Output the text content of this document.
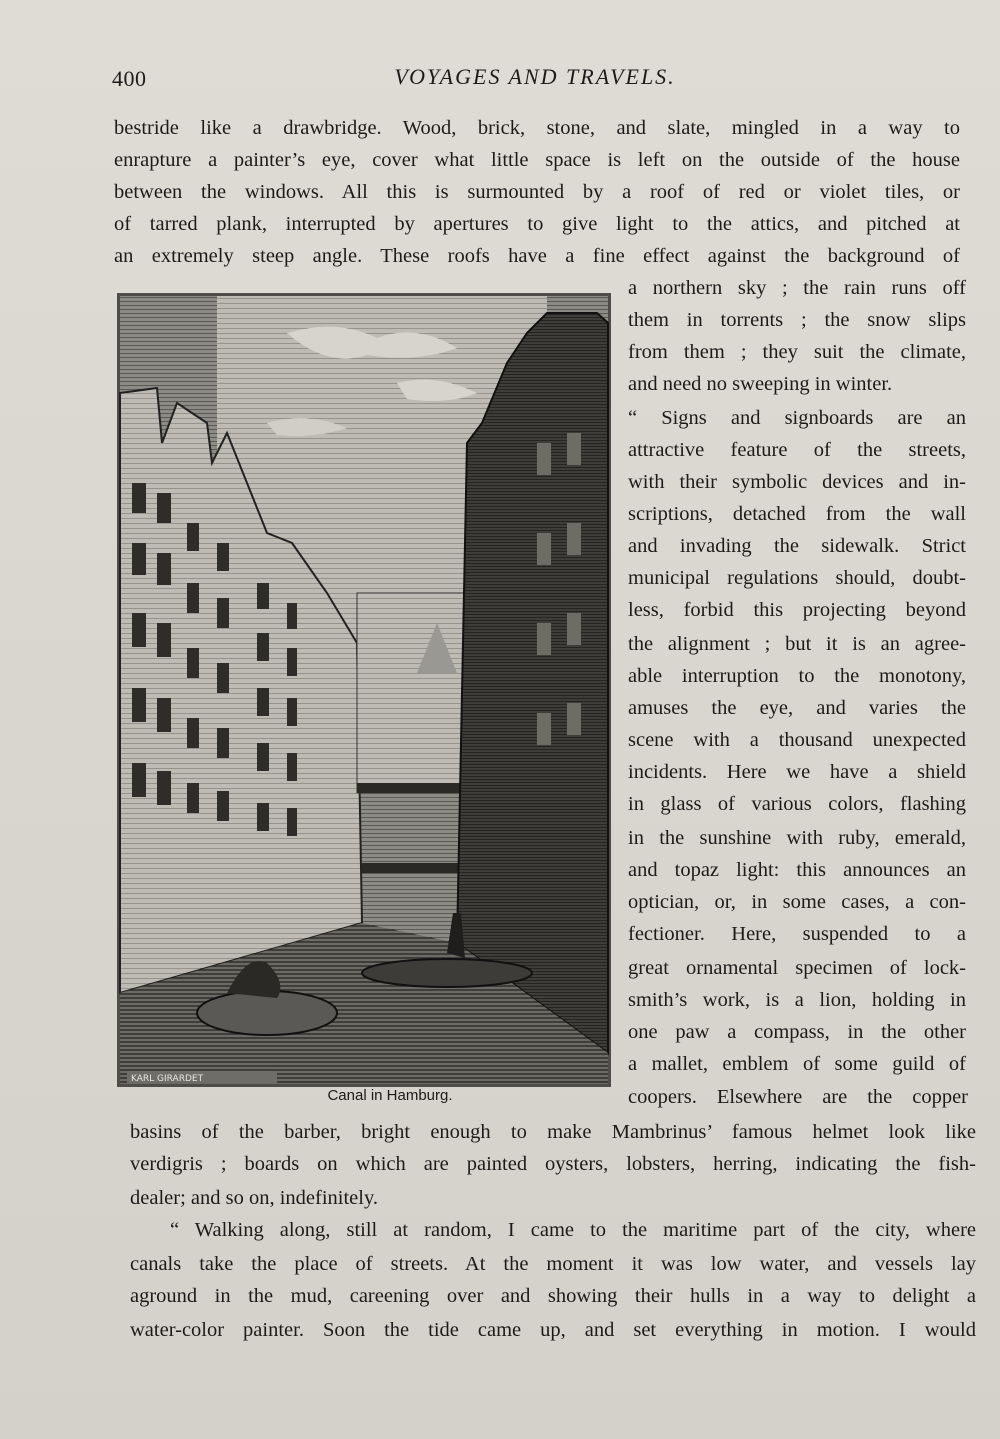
400	VOYAGES AND TRAVELS.
bestride like a drawbridge. Wood, brick, stone, and slate, mingled in a way to
enrapture a painter’s eye, cover what little space is left on the outside of the house
between the windows. All this is surmounted by a roof of red or violet tiles, or
of tarred plank, interrupted by apertures to give light to the attics, and pitched at
an extremely steep angle. These roofs have a fine effect against the background of
KARL GIRARDET
Canal in Hamburg.
a northern sky ; the rain runs off
them in torrents ; the snow slips
from them ; they suit the climate,
and need no sweeping in winter.
“ Signs and signboards are an
attractive feature of the streets,
with their symbolic devices and in-
scriptions, detached from the wall
and invading the sidewalk. Strict
municipal regulations should, doubt-
less, forbid this projecting beyond
the alignment ; but it is an agree-
able interruption to the monotony,
amuses the eye, and varies the
scene with a thousand unexpected
incidents. Here we have a shield
in glass of various colors, flashing
in the sunshine with ruby, emerald,
and topaz light: this announces an
optician, or, in some cases, a con-
fectioner. Here, suspended to a
great ornamental specimen of lock-
smith’s work, is a lion, holding in
one paw a compass, in the other
a mallet, emblem of some guild of
coopers. Elsewhere are the copper
basins of the barber, bright enough to make Mambrinus’ famous helmet look like
verdigris ; boards on which are painted oysters, lobsters, herring, indicating the fish-
dealer; and so on, indefinitely.
“ Walking along, still at random, I came to the maritime part of the city, where
canals take the place of streets. At the moment it was low water, and vessels lay
aground in the mud, careening over and showing their hulls in a way to delight a
water-color painter. Soon the tide came up, and set everything in motion. I would
